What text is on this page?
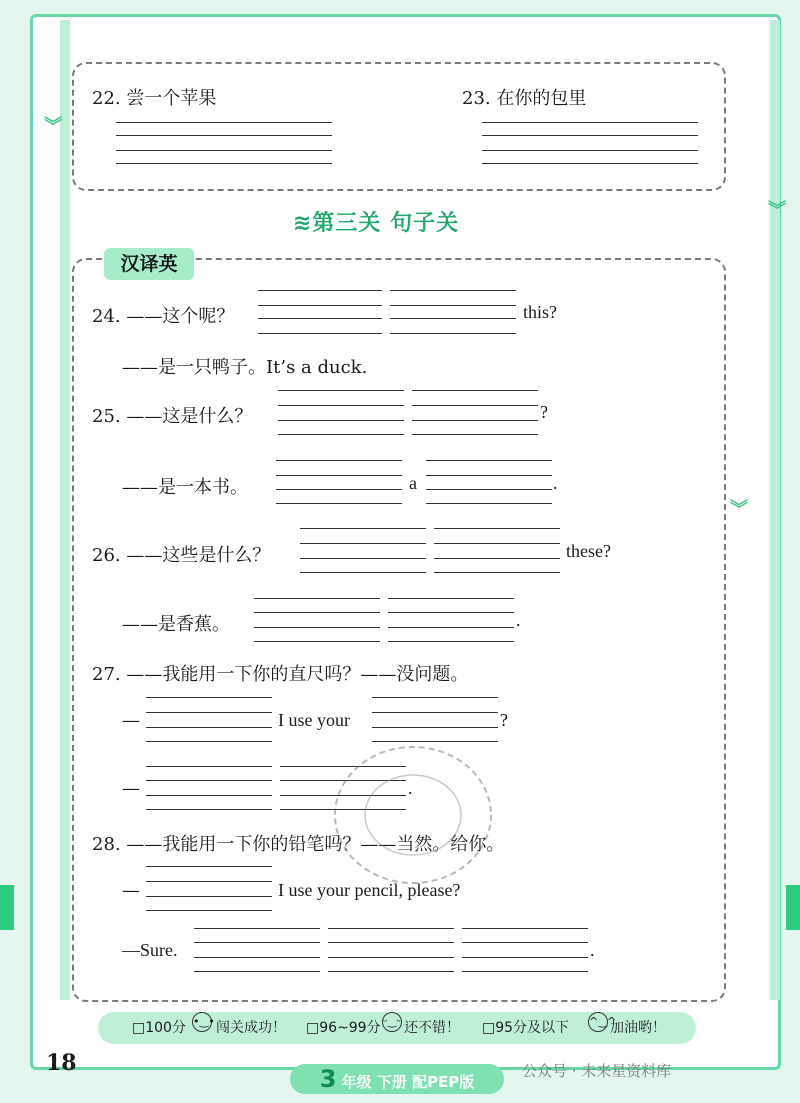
︾
︾
︾
22. 尝一个苹果	23. 在你的包里
≋第三关 句子关
汉译英
24. ——这个呢？	this?
——是一只鸭子。It’s a duck.
25. ——这是什么？	?
——是一本书。	a	.
26. ——这些是什么？	these?
——是香蕉。	.
27. ——我能用一下你的直尺吗？——没问题。
—	I use your	?
—	.
28. ——我能用一下你的铅笔吗？——当然。给你。
—	I use your pencil, please?
—Sure.	.
□100分 •‿• 闯关成功！ □96~99分 ᵕ‿ᵕ 还不错！ □95分及以下 ^‿^
加油哟！
18
3 年级 下册 配PEP版
公众号 · 未来星资料库
